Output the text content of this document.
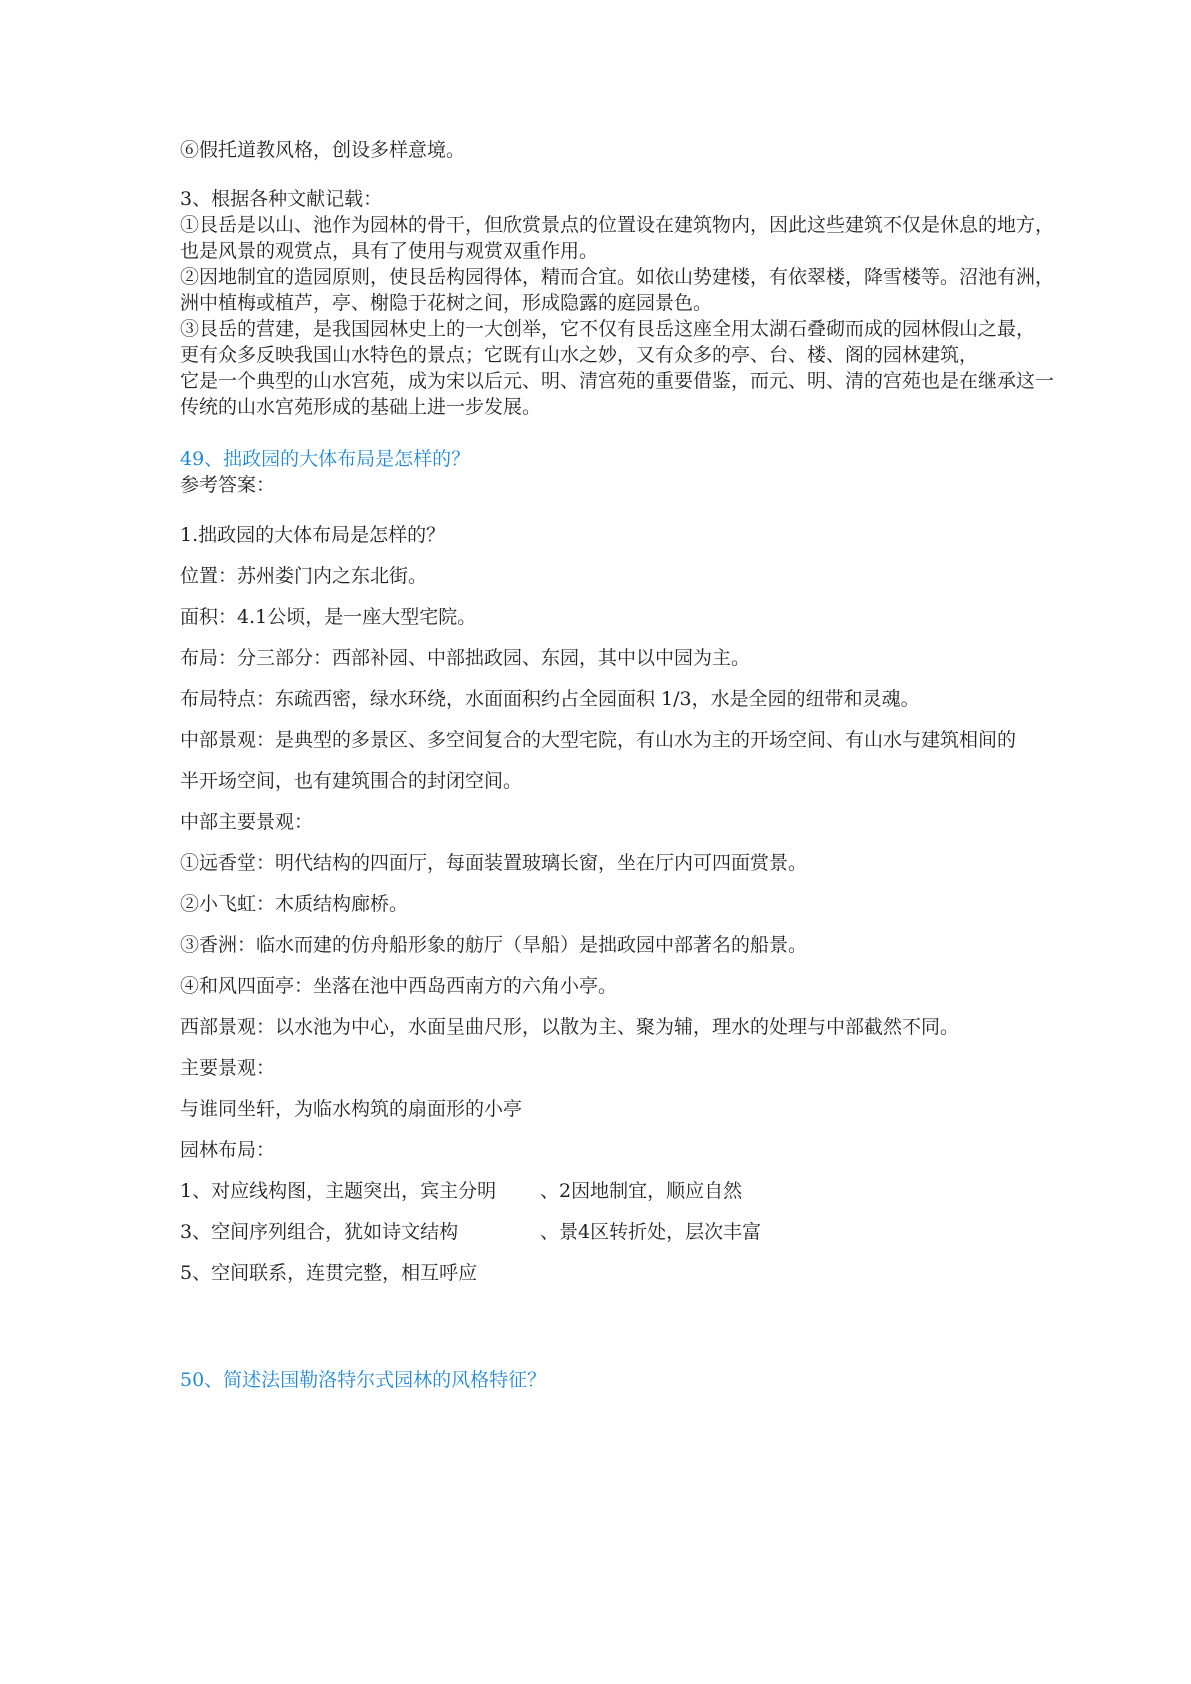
⑥假托道教风格，创设多样意境。
3、根据各种文献记载：
①艮岳是以山、池作为园林的骨干，但欣赏景点的位置设在建筑物内，因此这些建筑不仅是休息的地方，
也是风景的观赏点，具有了使用与观赏双重作用。
②因地制宜的造园原则，使艮岳构园得体，精而合宜。如依山势建楼，有依翠楼，降雪楼等。沼池有洲，
洲中植梅或植芦，亭、榭隐于花树之间，形成隐露的庭园景色。
③艮岳的营建，是我国园林史上的一大创举，它不仅有艮岳这座全用太湖石叠砌而成的园林假山之最，
更有众多反映我国山水特色的景点；它既有山水之妙，又有众多的亭、台、楼、阁的园林建筑，
它是一个典型的山水宫苑，成为宋以后元、明、清宫苑的重要借鉴，而元、明、清的宫苑也是在继承这一
传统的山水宫苑形成的基础上进一步发展。
49、拙政园的大体布局是怎样的？
参考答案：
1.拙政园的大体布局是怎样的？
位置：苏州娄门内之东北街。
面积：4.1公顷，是一座大型宅院。
布局：分三部分：西部补园、中部拙政园、东园，其中以中园为主。
布局特点：东疏西密，绿水环绕，水面面积约占全园面积 1/3，水是全园的纽带和灵魂。
中部景观：是典型的多景区、多空间复合的大型宅院，有山水为主的开场空间、有山水与建筑相间的
半开场空间，也有建筑围合的封闭空间。
中部主要景观：
①远香堂：明代结构的四面厅，每面装置玻璃长窗，坐在厅内可四面赏景。
②小飞虹：木质结构廊桥。
③香洲：临水而建的仿舟船形象的舫厅（旱船）是拙政园中部著名的船景。
④和风四面亭：坐落在池中西岛西南方的六角小亭。
西部景观：以水池为中心，水面呈曲尺形，以散为主、聚为辅，理水的处理与中部截然不同。
主要景观：
与谁同坐轩，为临水构筑的扇面形的小亭
园林布局：
1、对应线构图，主题突出，宾主分明 、2因地制宜，顺应自然
3、空间序列组合，犹如诗文结构	、景4区转折处，层次丰富
5、空间联系，连贯完整，相互呼应
50、简述法国勒洛特尔式园林的风格特征？
